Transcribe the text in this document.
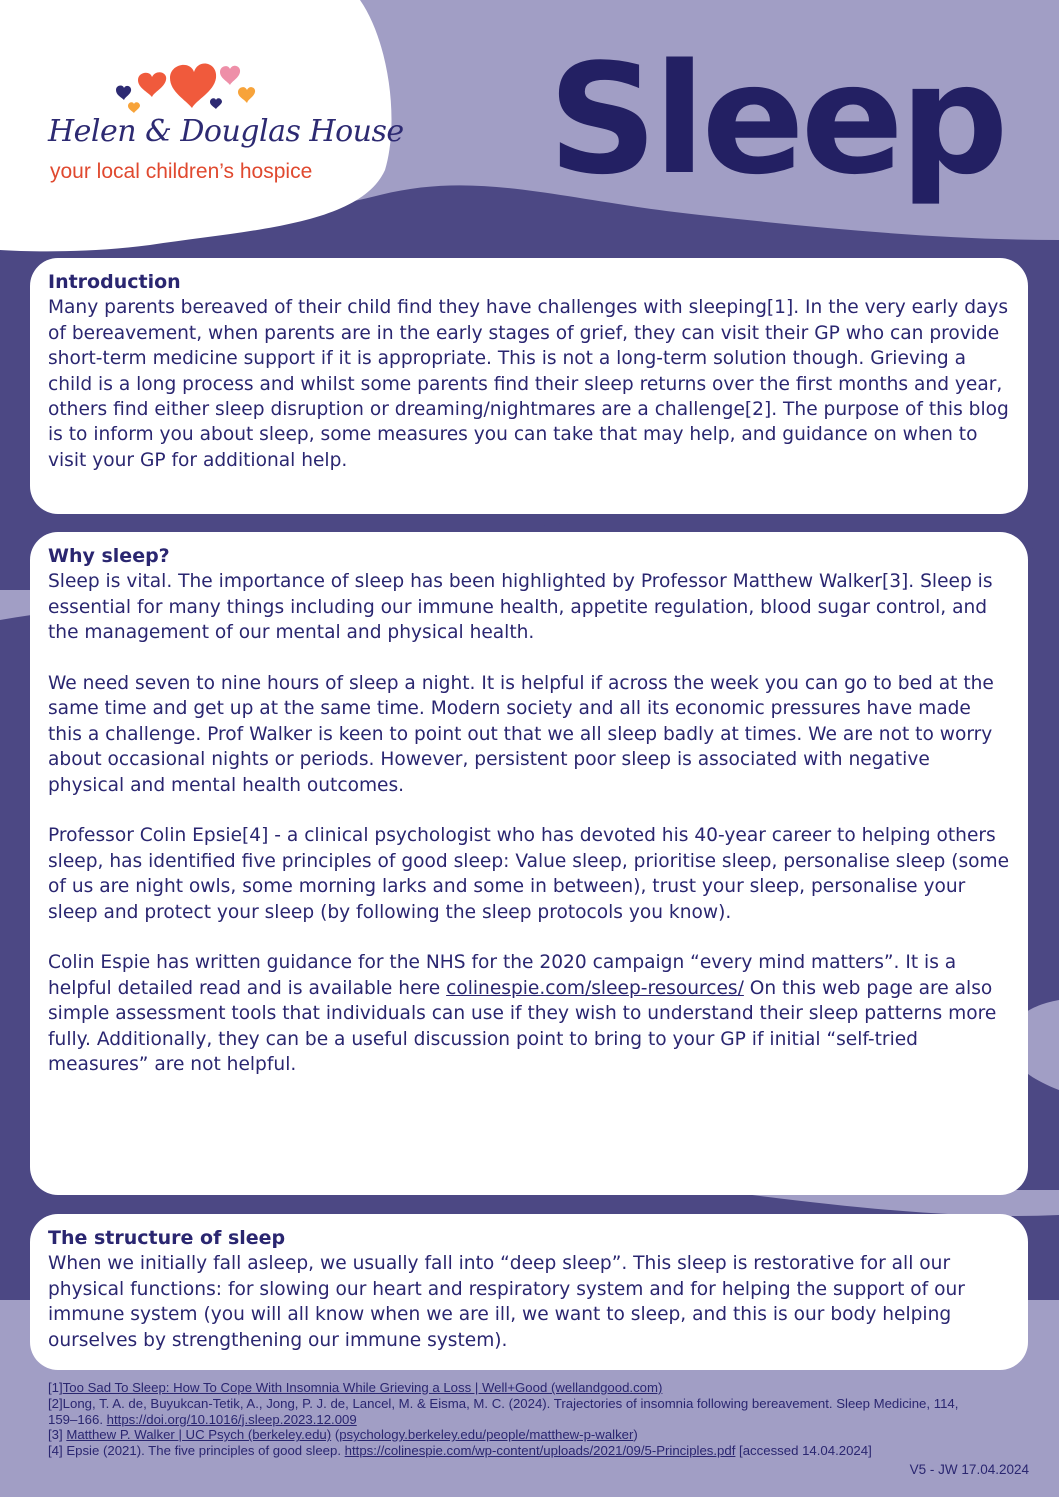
Helen & Douglas House
your local children’s hospice Sleep
Introduction

Many parents bereaved of their child find they have challenges with sleeping[1]. In the very early days of bereavement, when parents are in the early stages of grief, they can visit their GP who can provide short-term medicine support if it is appropriate. This is not a long-term solution though. Grieving a child is a long process and whilst some parents find their sleep returns over the first months and year, others find either sleep disruption or dreaming/nightmares are a challenge[2]. The purpose of this blog is to inform you about sleep, some measures you can take that may help, and guidance on when to visit your GP for additional help.

Why sleep?

Sleep is vital. The importance of sleep has been highlighted by Professor Matthew Walker[3]. Sleep is essential for many things including our immune health, appetite regulation, blood sugar control, and the management of our mental and physical health.

We need seven to nine hours of sleep a night. It is helpful if across the week you can go to bed at the same time and get up at the same time. Modern society and all its economic pressures have made this a challenge. Prof Walker is keen to point out that we all sleep badly at times. We are not to worry about occasional nights or periods. However, persistent poor sleep is associated with negative physical and mental health outcomes.

Professor Colin Epsie[4] - a clinical psychologist who has devoted his 40-year career to helping others sleep, has identified five principles of good sleep: Value sleep, prioritise sleep, personalise sleep (some of us are night owls, some morning larks and some in between), trust your sleep, personalise your sleep and protect your sleep (by following the sleep protocols you know).

Colin Espie has written guidance for the NHS for the 2020 campaign “every mind matters”. It is a helpful detailed read and is available here colinespie.com/sleep-resources/ On this web page are also simple assessment tools that individuals can use if they wish to understand their sleep patterns more fully. Additionally, they can be a useful discussion point to bring to your GP if initial “self-tried measures” are not helpful.

The structure of sleep

When we initially fall asleep, we usually fall into “deep sleep”. This sleep is restorative for all our physical functions: for slowing our heart and respiratory system and for helping the support of our immune system (you will all know when we are ill, we want to sleep, and this is our body helping ourselves by strengthening our immune system).

[1]Too Sad To Sleep: How To Cope With Insomnia While Grieving a Loss | Well+Good (wellandgood.com)
[2]Long, T. A. de, Buyukcan-Tetik, A., Jong, P. J. de, Lancel, M. & Eisma, M. C. (2024). Trajectories of insomnia following bereavement. Sleep Medicine, 114, 159–166. https://doi.org/10.1016/j.sleep.2023.12.009
[3] Matthew P. Walker | UC Psych (berkeley.edu) (psychology.berkeley.edu/people/matthew-p-walker)
[4] Epsie (2021). The five principles of good sleep. https://colinespie.com/wp-content/uploads/2021/09/5-Principles.pdf [accessed 14.04.2024]
V5 - JW 17.04.2024
